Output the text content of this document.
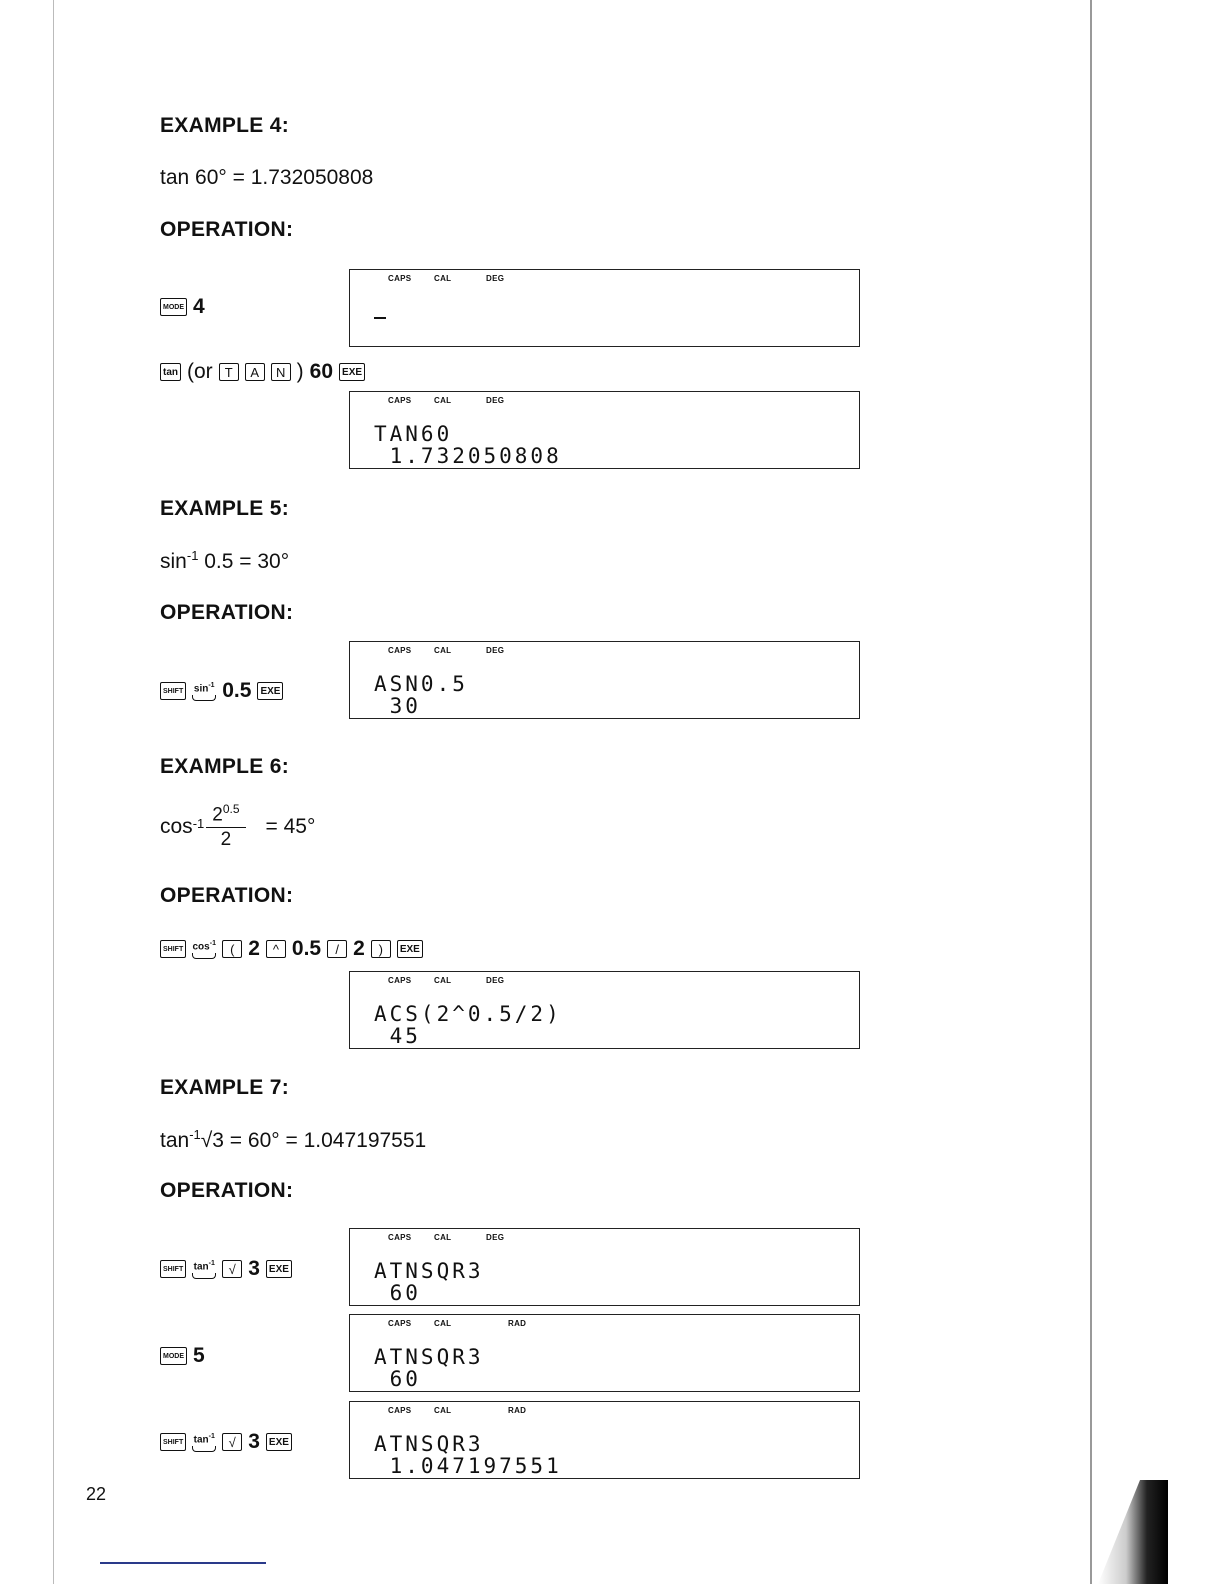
EXAMPLE 4:
tan 60° = 1.732050808
OPERATION:
MODE 4
CAPS	CAL	DEG
tan (or T	A	N ) 60 EXE
CAPS	CAL	DEG
TAN60
1.732050808
EXAMPLE 5:
$\sin^{-1} 0.5 = 30^\circ$
OPERATION:
SHIFT	$\sin^{-1} 0.5$ EXE
CAPS	CAL	DEG
ASN0.5
30
EXAMPLE 6:
$\cos -1 \frac{2^{0.5}}{2} = 45^\circ$
OPERATION:
SHIFT $\cos^{-1}$	( 2 ^ 0.5	/ 2	)	EXE
CAPS	CAL	DEG
ACS(2^0.5/2)
45
EXAMPLE 7:
$\tan^{-1}√3 = 60^\circ = 1.047197551$
OPERATION:
SHIFT	$\tan^{-1}$	√ 3 EXE
CAPS	CAL	DEG
ATNSQR3
60
MODE 5
CAPS	CAL	RAD
ATNSQR3
60
SHIFT	$\tan^{-1}$	√ 3 EXE
CAPS	CAL	RAD
ATNSQR3
1.047197551
22
